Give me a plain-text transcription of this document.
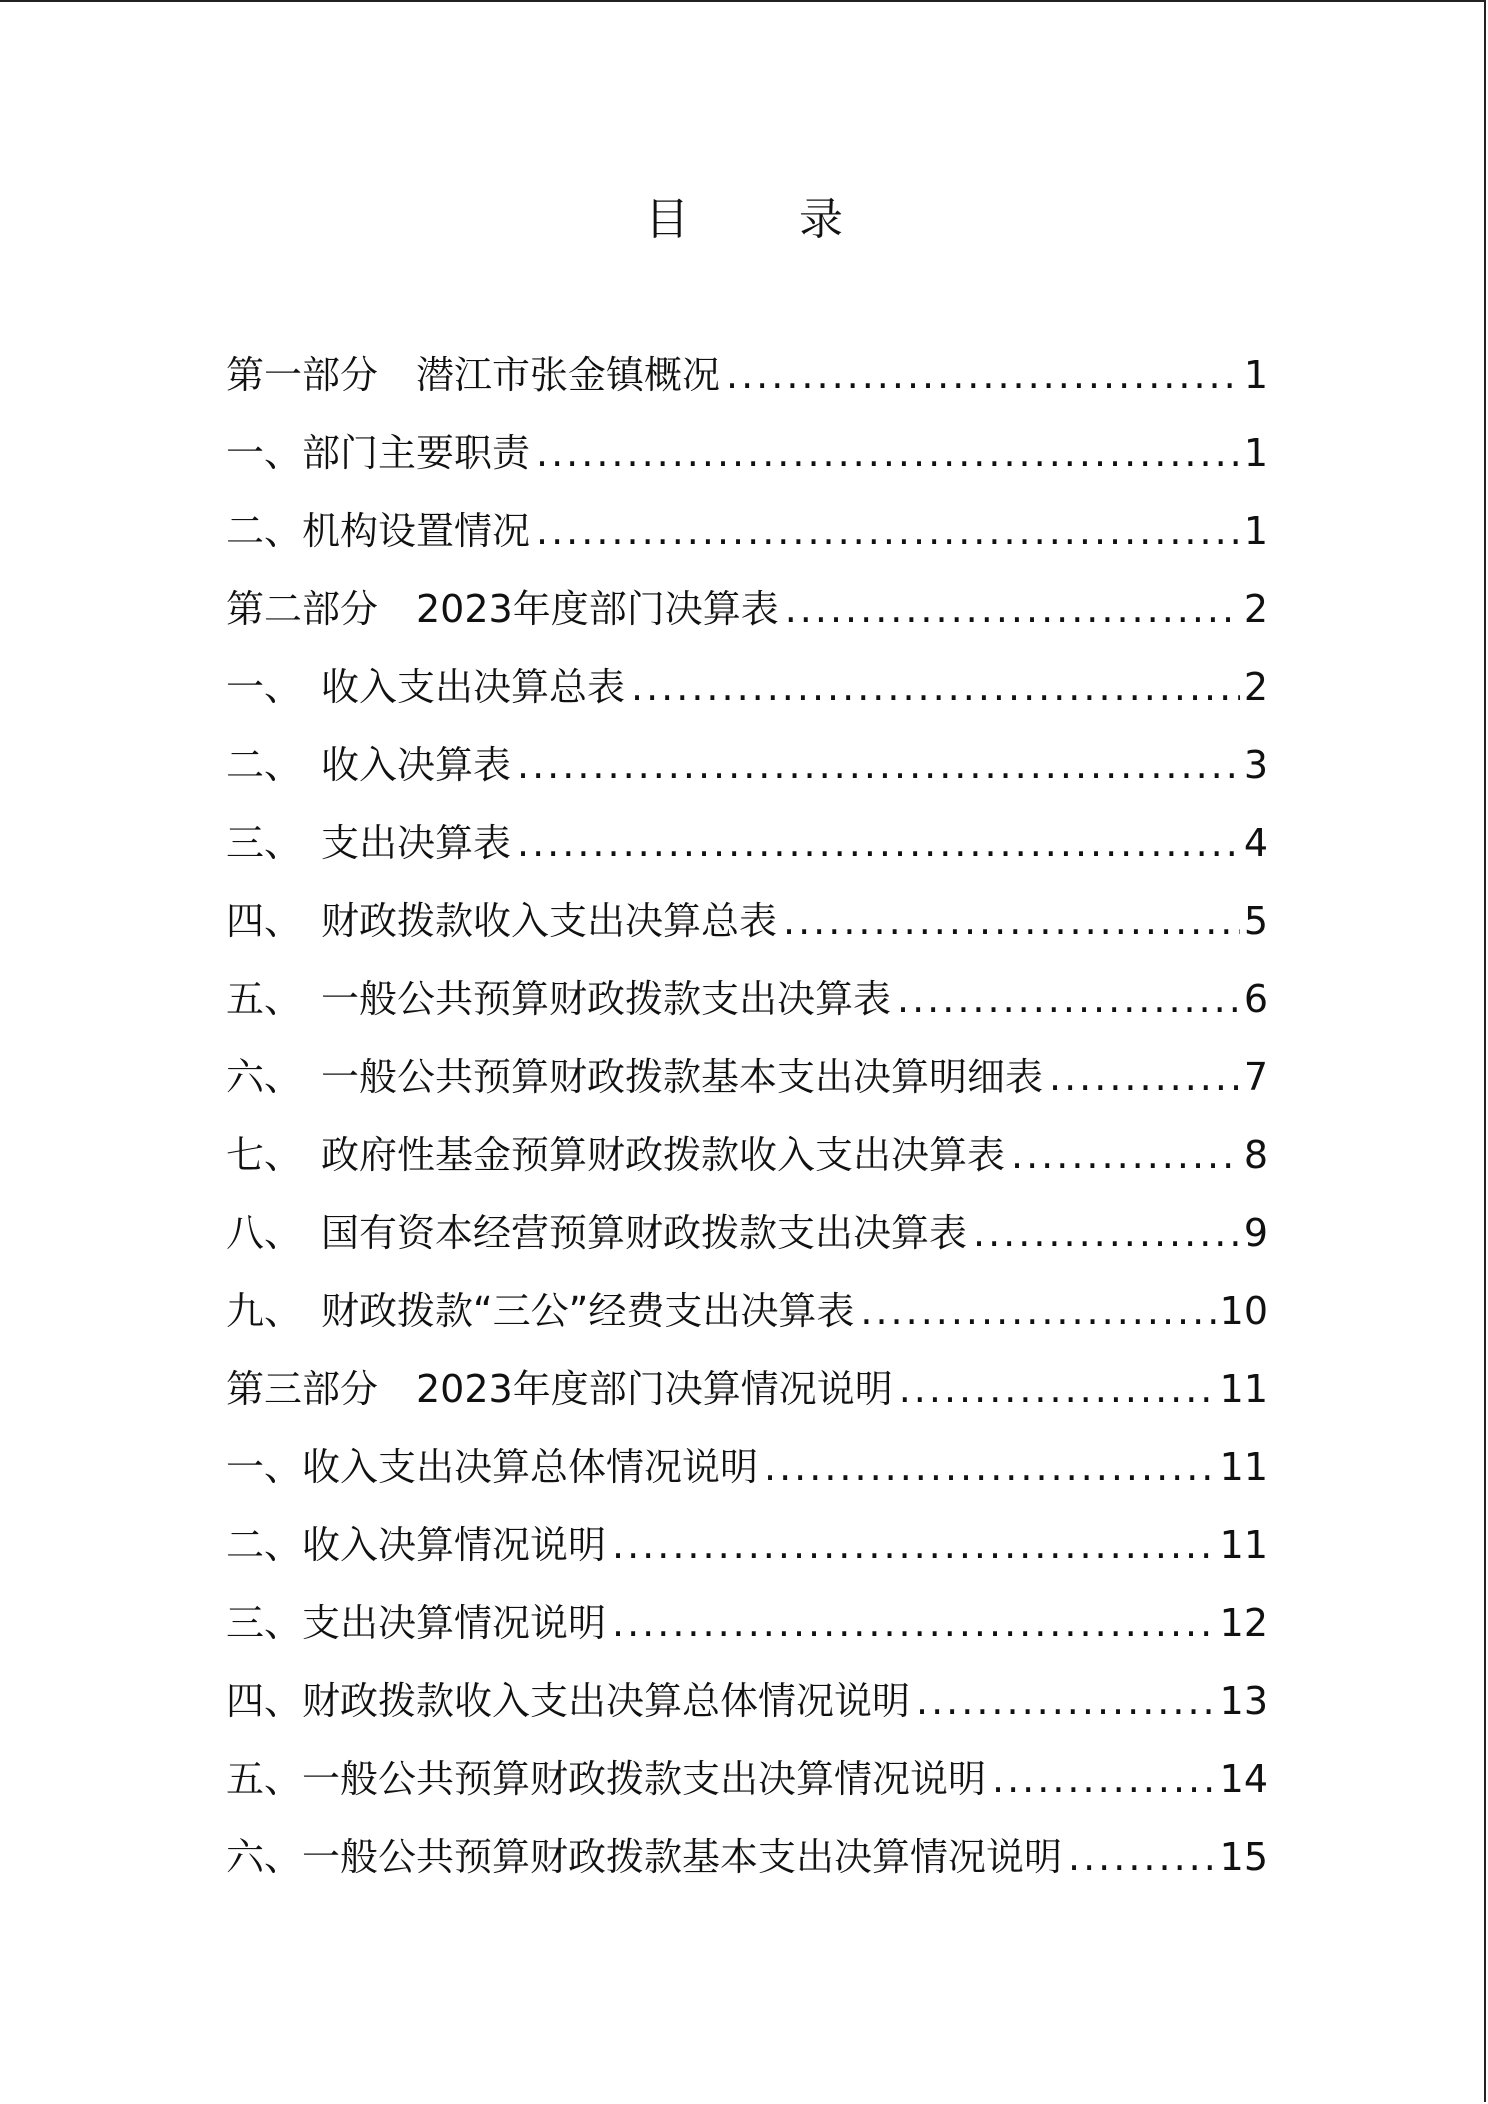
目 录
第一部分　潜江市张金镇概况 .....	1
一、部门主要职责 .....	1
二、机构设置情况 .....	1
第二部分　2023年度部门决算表 .....	2
一、　收入支出决算总表 .....	2
二、　收入决算表 .....	3
三、　支出决算表 .....	4
四、　财政拨款收入支出决算总表 .....	5
五、　一般公共预算财政拨款支出决算表 .....	6
六、　一般公共预算财政拨款基本支出决算明细表 .....	7
七、　政府性基金预算财政拨款收入支出决算表 .....	8
八、　国有资本经营预算财政拨款支出决算表 .....	9
九、　财政拨款“三公”经费支出决算表 .....	10
第三部分　2023年度部门决算情况说明 .....	11
一、收入支出决算总体情况说明 .....	11
二、收入决算情况说明 .....	11
三、支出决算情况说明 .....	12
四、财政拨款收入支出决算总体情况说明 .....	13
五、一般公共预算财政拨款支出决算情况说明 .....	14
六、一般公共预算财政拨款基本支出决算情况说明 .....	15
